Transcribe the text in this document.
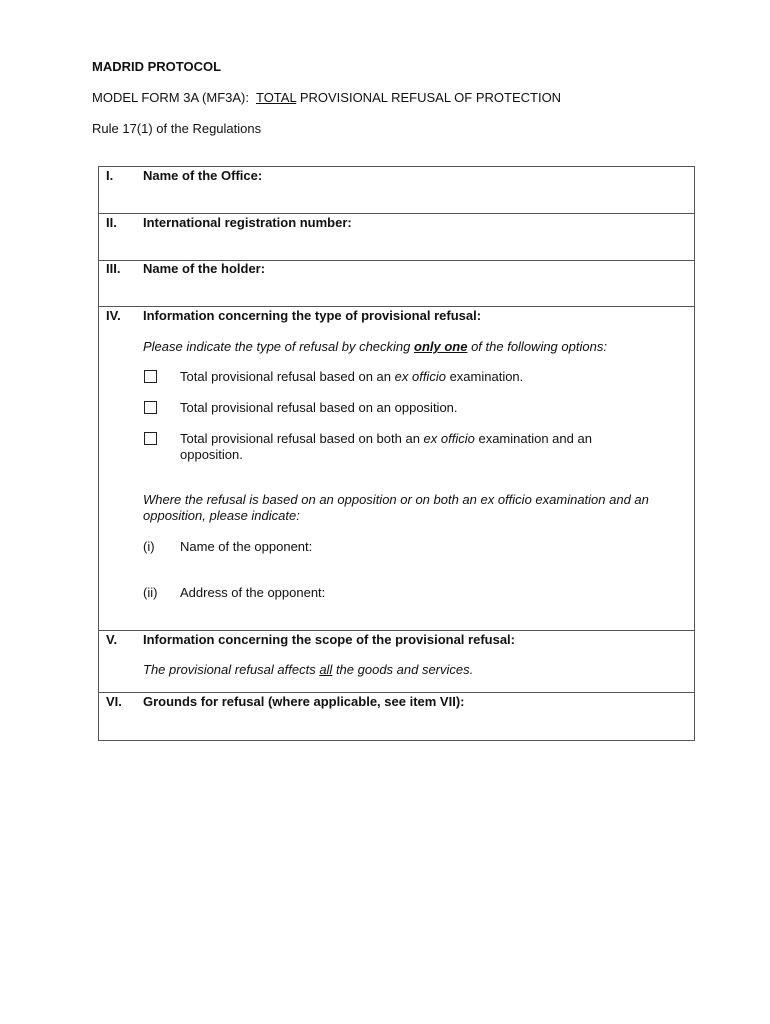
MADRID PROTOCOL
MODEL FORM 3A (MF3A): TOTAL PROVISIONAL REFUSAL OF PROTECTION
Rule 17(1) of the Regulations
I. Name of the Office:
II. International registration number:
III. Name of the holder:
IV. Information concerning the type of provisional refusal:
Please indicate the type of refusal by checking only one of the following options:
Total provisional refusal based on an ex officio examination.
Total provisional refusal based on an opposition.
Total provisional refusal based on both an ex officio examination and an opposition.
Where the refusal is based on an opposition or on both an ex officio examination and an opposition, please indicate:
(i) Name of the opponent:
(ii) Address of the opponent:
V. Information concerning the scope of the provisional refusal:
The provisional refusal affects all the goods and services.
VI. Grounds for refusal (where applicable, see item VII):
